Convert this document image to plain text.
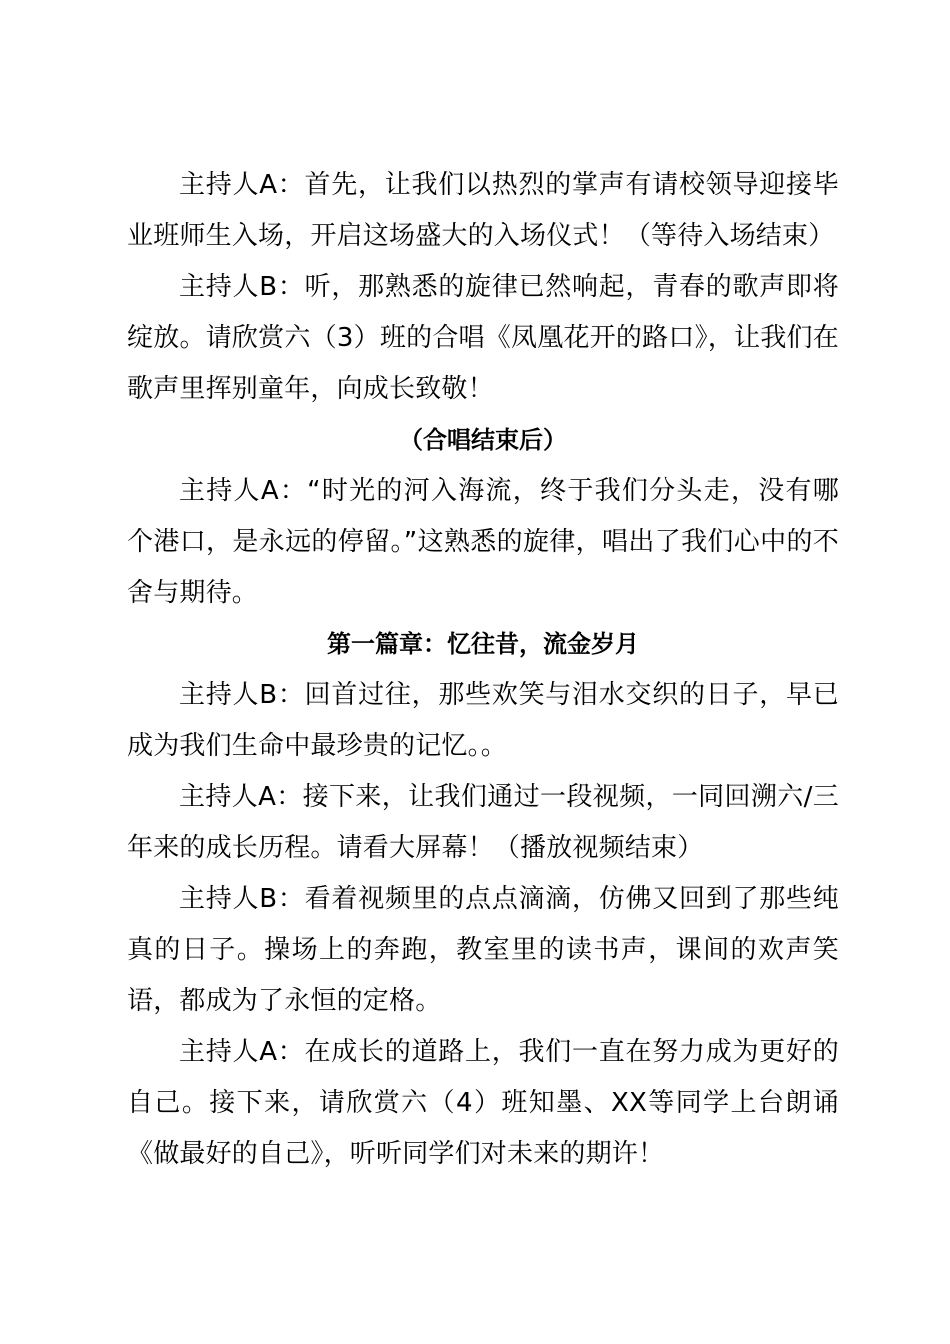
主持人A：首先，让我们以热烈的掌声有请校领导迎接毕业班师生入场，开启这场盛大的入场仪式！（等待入场结束）

主持人B：听，那熟悉的旋律已然响起，青春的歌声即将绽放。请欣赏六（3）班的合唱《凤凰花开的路口》，让我们在歌声里挥别童年，向成长致敬！

（合唱结束后）

主持人A：“时光的河入海流，终于我们分头走，没有哪个港口，是永远的停留。”这熟悉的旋律，唱出了我们心中的不舍与期待。

第一篇章：忆往昔，流金岁月

主持人B：回首过往，那些欢笑与泪水交织的日子，早已成为我们生命中最珍贵的记忆。。

主持人A：接下来，让我们通过一段视频，一同回溯六/三年来的成长历程。请看大屏幕！（播放视频结束）

主持人B：看着视频里的点点滴滴，仿佛又回到了那些纯真的日子。操场上的奔跑，教室里的读书声，课间的欢声笑语，都成为了永恒的定格。

主持人A：在成长的道路上，我们一直在努力成为更好的自己。接下来，请欣赏六（4）班知墨、XX等同学上台朗诵《做最好的自己》，听听同学们对未来的期许！
